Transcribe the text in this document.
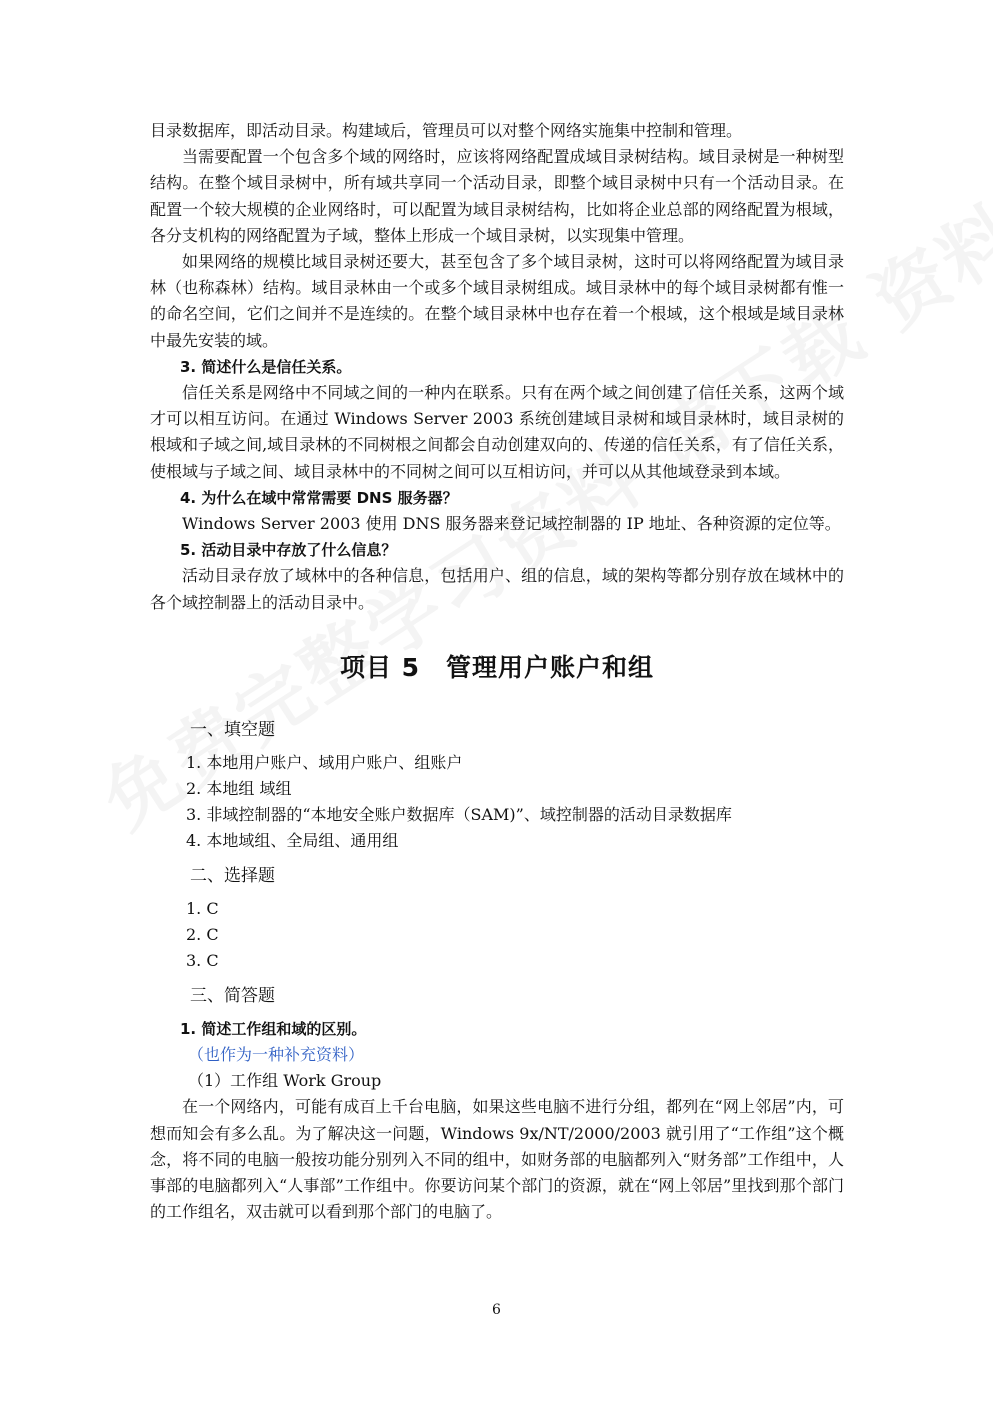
目录数据库，即活动目录。构建域后，管理员可以对整个网络实施集中控制和管理。

当需要配置一个包含多个域的网络时，应该将网络配置成域目录树结构。域目录树是一种树型结构。在整个域目录树中，所有域共享同一个活动目录，即整个域目录树中只有一个活动目录。在配置一个较大规模的企业网络时，可以配置为域目录树结构，比如将企业总部的网络配置为根域，各分支机构的网络配置为子域，整体上形成一个域目录树，以实现集中管理。

如果网络的规模比域目录树还要大，甚至包含了多个域目录树，这时可以将网络配置为域目录林（也称森林）结构。域目录林由一个或多个域目录树组成。域目录林中的每个域目录树都有惟一的命名空间，它们之间并不是连续的。在整个域目录林中也存在着一个根域，这个根域是域目录林中最先安装的域。

3. 简述什么是信任关系。

信任关系是网络中不同域之间的一种内在联系。只有在两个域之间创建了信任关系，这两个域才可以相互访问。在通过 Windows Server 2003 系统创建域目录树和域目录林时，域目录树的根域和子域之间,域目录林的不同树根之间都会自动创建双向的、传递的信任关系，有了信任关系，使根域与子域之间、域目录林中的不同树之间可以互相访问，并可以从其他域登录到本域。

4. 为什么在域中常常需要 DNS 服务器？

Windows Server 2003 使用 DNS 服务器来登记域控制器的 IP 地址、各种资源的定位等。

5. 活动目录中存放了什么信息？

活动目录存放了域林中的各种信息，包括用户、组的信息，域的架构等都分别存放在域林中的各个域控制器上的活动目录中。

项目 5　管理用户账户和组
一、填空题

1. 本地用户账户、域用户账户、组账户

2. 本地组 域组

3. 非域控制器的“本地安全账户数据库（SAM)”、域控制器的活动目录数据库

4. 本地域组、全局组、通用组

二、选择题

1. C

2. C

3. C

三、简答题

1. 简述工作组和域的区别。

（也作为一种补充资料）

（1）工作组 Work Group

在一个网络内，可能有成百上千台电脑，如果这些电脑不进行分组，都列在“网上邻居”内，可想而知会有多么乱。为了解决这一问题，Windows 9x/NT/2000/2003 就引用了“工作组”这个概念，将不同的电脑一般按功能分别列入不同的组中，如财务部的电脑都列入“财务部”工作组中，人事部的电脑都列入“人事部”工作组中。你要访问某个部门的资源，就在“网上邻居”里找到那个部门的工作组名，双击就可以看到那个部门的电脑了。

6
